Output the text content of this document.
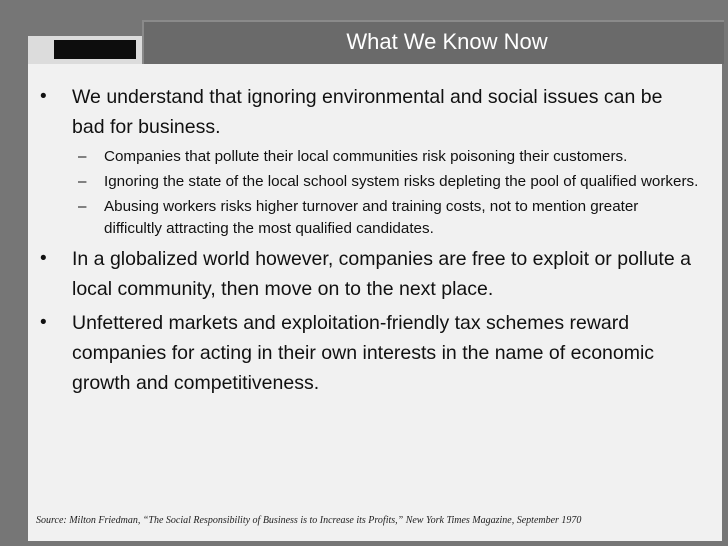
What We Know Now
•	We understand that ignoring environmental and social issues can be bad for business.
– Companies that pollute their local communities risk poisoning their customers.
– Ignoring the state of the local school system risks depleting the pool of qualified workers.
– Abusing workers risks higher turnover and training costs, not to mention greater difficultly attracting the most qualified candidates.
•	In a globalized world however, companies are free to exploit or pollute a local community, then move on to the next place.
•	Unfettered markets and exploitation-friendly tax schemes reward companies for acting in their own interests in the name of economic growth and competitiveness.
Source: Milton Friedman, “The Social Responsibility of Business is to Increase its Profits,” New York Times Magazine, September 1970
